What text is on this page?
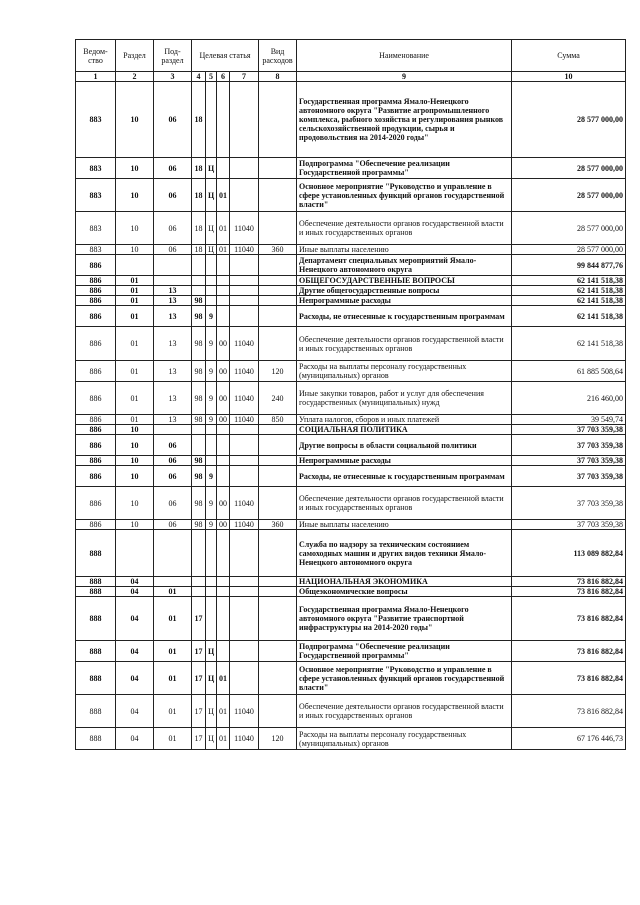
Ведом-ство	Раздел	Под-раздел	Целевая статья				Вид расходов	Наименование	Сумма
1	2	3	4	5	6	7	8	9	10
883	10	06	18					Государственная программа Ямало-Ненецкого автономного округа "Развитие агропромышленного комплекса, рыбного хозяйства и регулирования рынков сельскохозяйственной продукции, сырья и продовольствия на 2014-2020 годы"	28 577 000,00
883	10	06	18	Ц				Подпрограмма "Обеспечение реализации Государственной программы"	28 577 000,00
883	10	06	18	Ц	01			Основное мероприятие "Руководство и управление в сфере установленных функций органов государственной власти"	28 577 000,00
883	10	06	18	Ц	01	11040		Обеспечение деятельности органов государственной власти и иных государственных органов	28 577 000,00
883	10	06	18	Ц	01	11040	360	Иные выплаты населению	28 577 000,00
886								Департамент специальных мероприятий Ямало-Ненецкого автономного округа	99 844 877,76
886	01							ОБЩЕГОСУДАРСТВЕННЫЕ ВОПРОСЫ	62 141 518,38
886	01	13						Другие общегосударственные вопросы	62 141 518,38
886	01	13	98					Непрограммные расходы	62 141 518,38
886	01	13	98	9				Расходы, не отнесенные к государственным программам	62 141 518,38
886	01	13	98	9	00	11040		Обеспечение деятельности органов государственной власти и иных государственных органов	62 141 518,38
886	01	13	98	9	00	11040	120	Расходы на выплаты персоналу государственных (муниципальных) органов	61 885 508,64
886	01	13	98	9	00	11040	240	Иные закупки товаров, работ и услуг для обеспечения государственных (муниципальных) нужд	216 460,00
886	01	13	98	9	00	11040	850	Уплата налогов, сборов и иных платежей	39 549,74
886	10							СОЦИАЛЬНАЯ ПОЛИТИКА	37 703 359,38
886	10	06						Другие вопросы в области социальной политики	37 703 359,38
886	10	06	98					Непрограммные расходы	37 703 359,38
886	10	06	98	9				Расходы, не отнесенные к государственным программам	37 703 359,38
886	10	06	98	9	00	11040		Обеспечение деятельности органов государственной власти и иных государственных органов	37 703 359,38
886	10	06	98	9	00	11040	360	Иные выплаты населению	37 703 359,38
888								Служба по надзору за техническим состоянием самоходных машин и других видов техники Ямало-Ненецкого автономного округа	113 089 882,84
888	04							НАЦИОНАЛЬНАЯ ЭКОНОМИКА	73 816 882,84
888	04	01						Общеэкономические вопросы	73 816 882,84
888	04	01	17					Государственная программа Ямало-Ненецкого автономного округа "Развитие транспортной инфраструктуры на 2014-2020 годы"	73 816 882,84
888	04	01	17	Ц				Подпрограмма "Обеспечение реализации Государственной программы"	73 816 882,84
888	04	01	17	Ц	01			Основное мероприятие "Руководство и управление в сфере установленных функций органов государственной власти"	73 816 882,84
888	04	01	17	Ц	01	11040		Обеспечение деятельности органов государственной власти и иных государственных органов	73 816 882,84
888	04	01	17	Ц	01	11040	120	Расходы на выплаты персоналу государственных (муниципальных) органов	67 176 446,73
